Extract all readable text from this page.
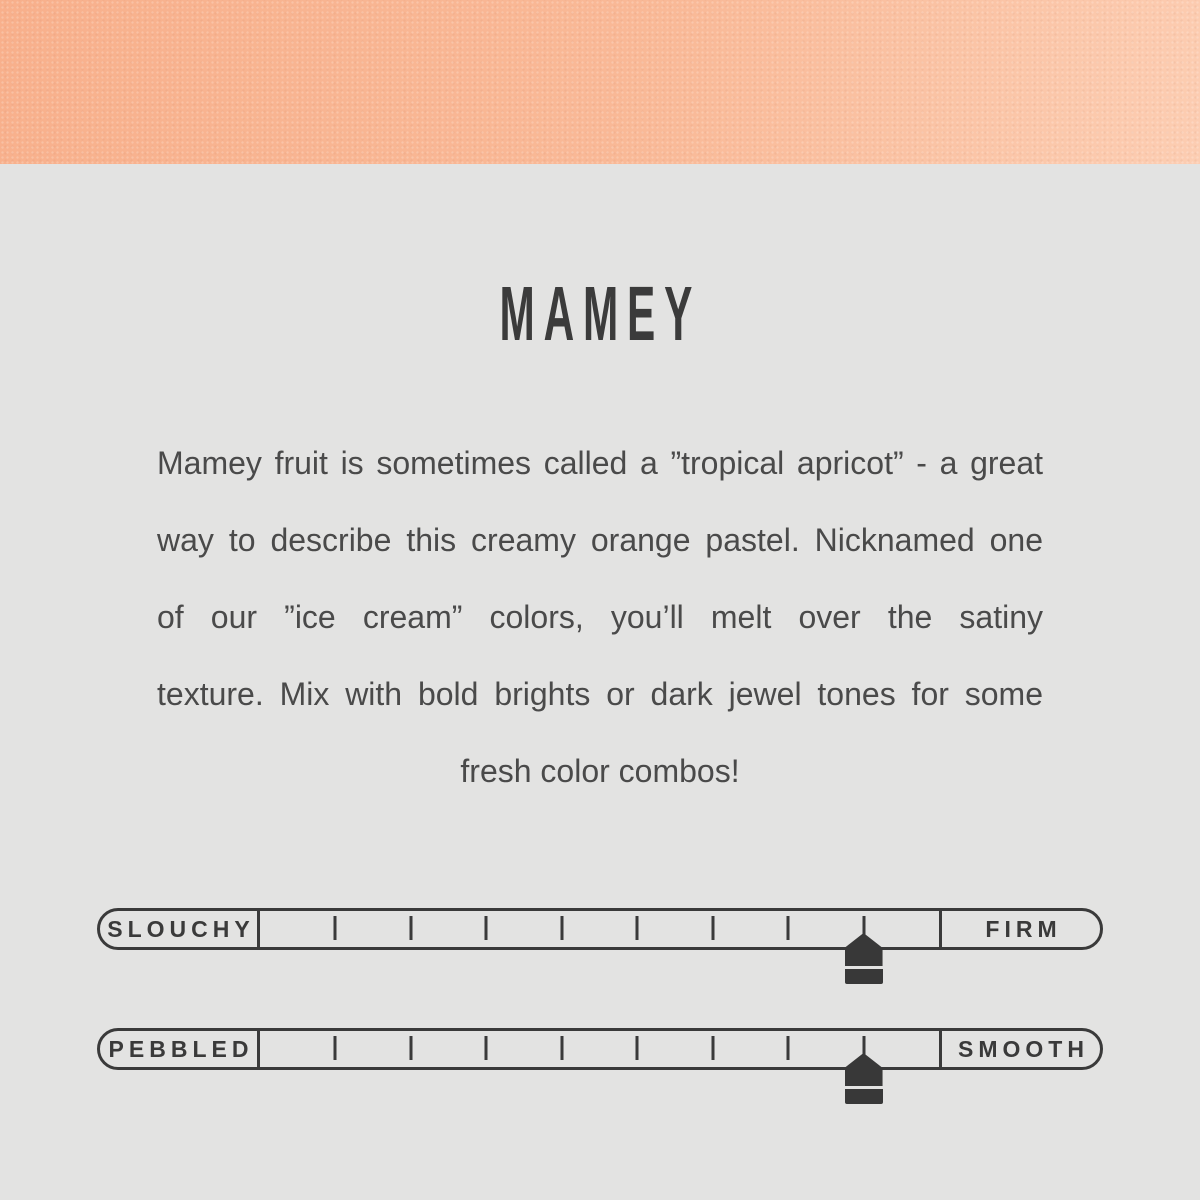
MAMEY
Mamey fruit is sometimes called a ”tropical apricot” - a great
way to describe this creamy orange pastel. Nicknamed one
of our ”ice cream” colors, you’ll melt over the satiny
texture. Mix with bold brights or dark jewel tones for some
fresh color combos!
SLOUCHY	FIRM
PEBBLED	SMOOTH
